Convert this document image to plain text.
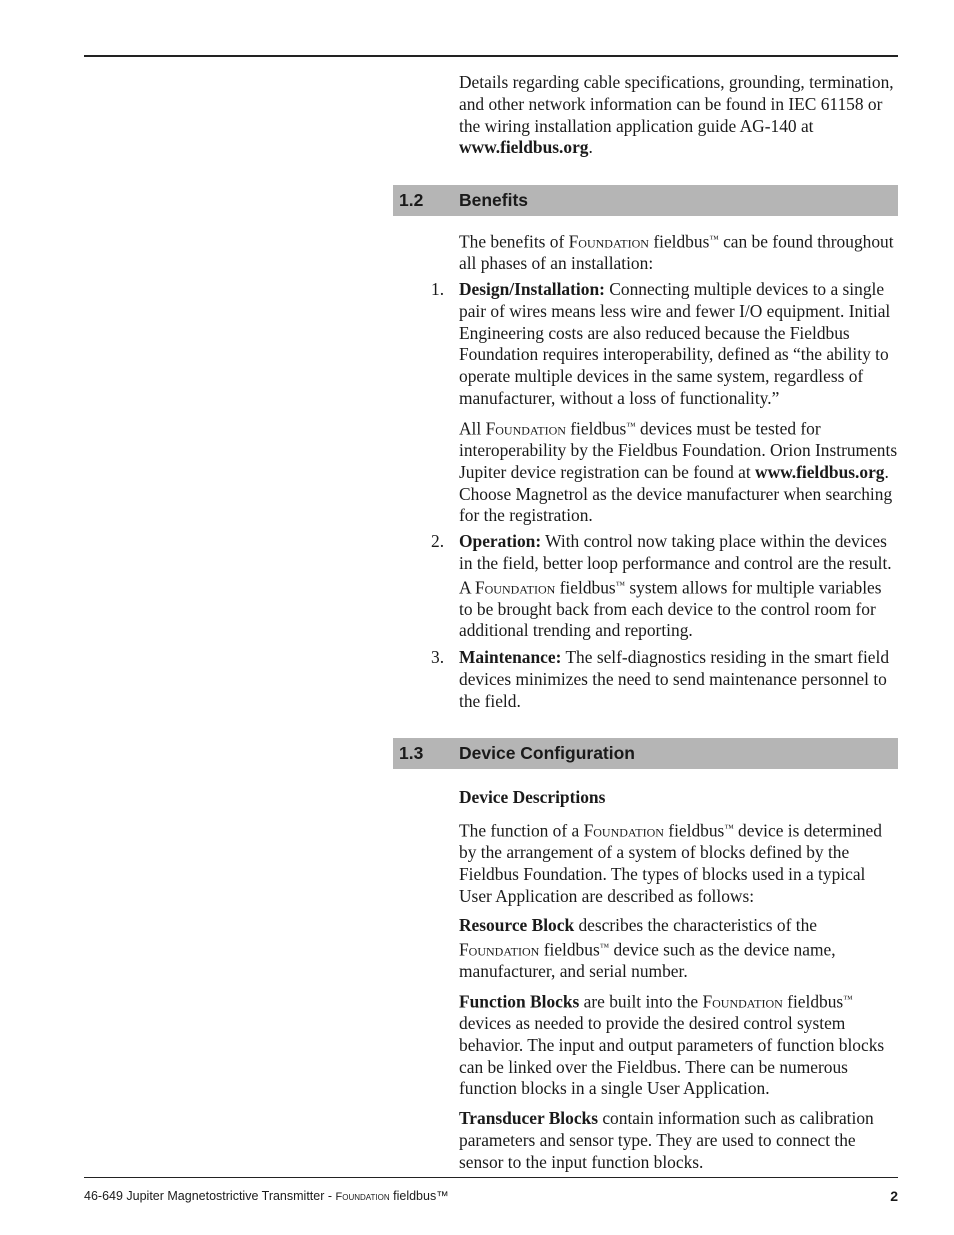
Details regarding cable specifications, grounding, termination, and other network information can be found in IEC 61158 or the wiring installation application guide AG-140 at www.fieldbus.org.

1.2 Benefits

The benefits of Foundation fieldbus™ can be found throughout all phases of an installation:

1. Design/Installation: Connecting multiple devices to a single pair of wires means less wire and fewer I/O equipment. Initial Engineering costs are also reduced because the Fieldbus Foundation requires interoperability, defined as “the ability to operate multiple devices in the same system, regardless of manufacturer, without a loss of functionality.”

All Foundation fieldbus™ devices must be tested for interoperability by the Fieldbus Foundation. Orion Instruments Jupiter device registration can be found at www.fieldbus.org. Choose Magnetrol as the device manufacturer when searching for the registration.

2. Operation: With control now taking place within the devices in the field, better loop performance and control are the result. A Foundation fieldbus™ system allows for multiple variables to be brought back from each device to the control room for additional trending and reporting.

3. Maintenance: The self-diagnostics residing in the smart field devices minimizes the need to send maintenance personnel to the field.

1.3 Device Configuration

Device Descriptions

The function of a Foundation fieldbus™ device is determined by the arrangement of a system of blocks defined by the Fieldbus Foundation. The types of blocks used in a typical User Application are described as follows:

Resource Block describes the characteristics of the Foundation fieldbus™ device such as the device name, manufacturer, and serial number.

Function Blocks are built into the Foundation fieldbus™ devices as needed to provide the desired control system behavior. The input and output parameters of function blocks can be linked over the Fieldbus. There can be numerous function blocks in a single User Application.

Transducer Blocks contain information such as calibration parameters and sensor type. They are used to connect the sensor to the input function blocks.

46-649 Jupiter Magnetostrictive Transmitter - Foundation fieldbus™	2
